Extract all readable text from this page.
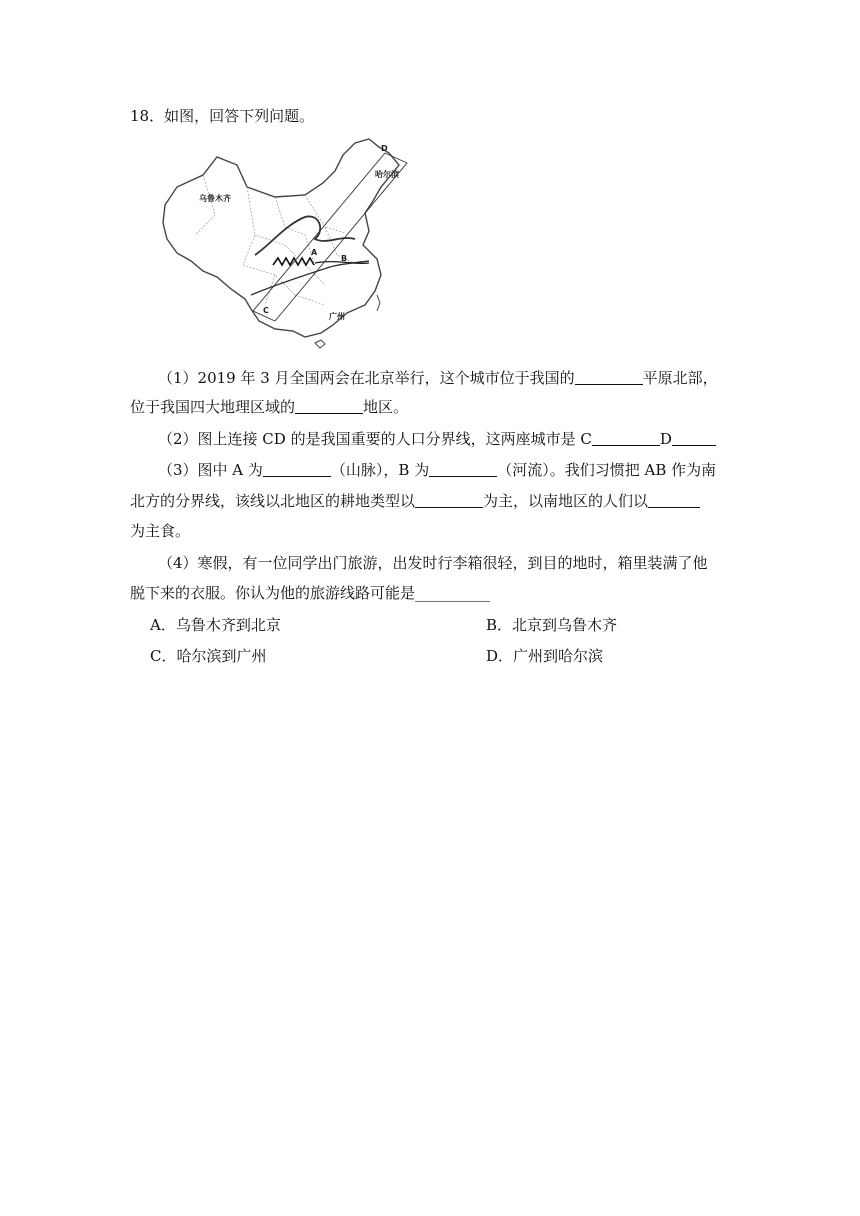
18．如图，回答下列问题。
乌鲁木齐
哈尔滨
广州
C
D
A
B
（1）2019 年 3 月全国两会在北京举行，这个城市位于我国的	平原北部，
位于我国四大地理区域的	地区。
（2）图上连接 CD 的是我国重要的人口分界线，这两座城市是 C	D
（3）图中 A 为	（山脉），B 为	（河流）。我们习惯把 AB 作为南
北方的分界线，该线以北地区的耕地类型以	为主，以南地区的人们以
为主食。
（4）寒假，有一位同学出门旅游，出发时行李箱很轻，到目的地时，箱里装满了他
脱下来的衣服。你认为他的旅游线路可能是__________
A．乌鲁木齐到北京	B．北京到乌鲁木齐
C．哈尔滨到广州	D．广州到哈尔滨
